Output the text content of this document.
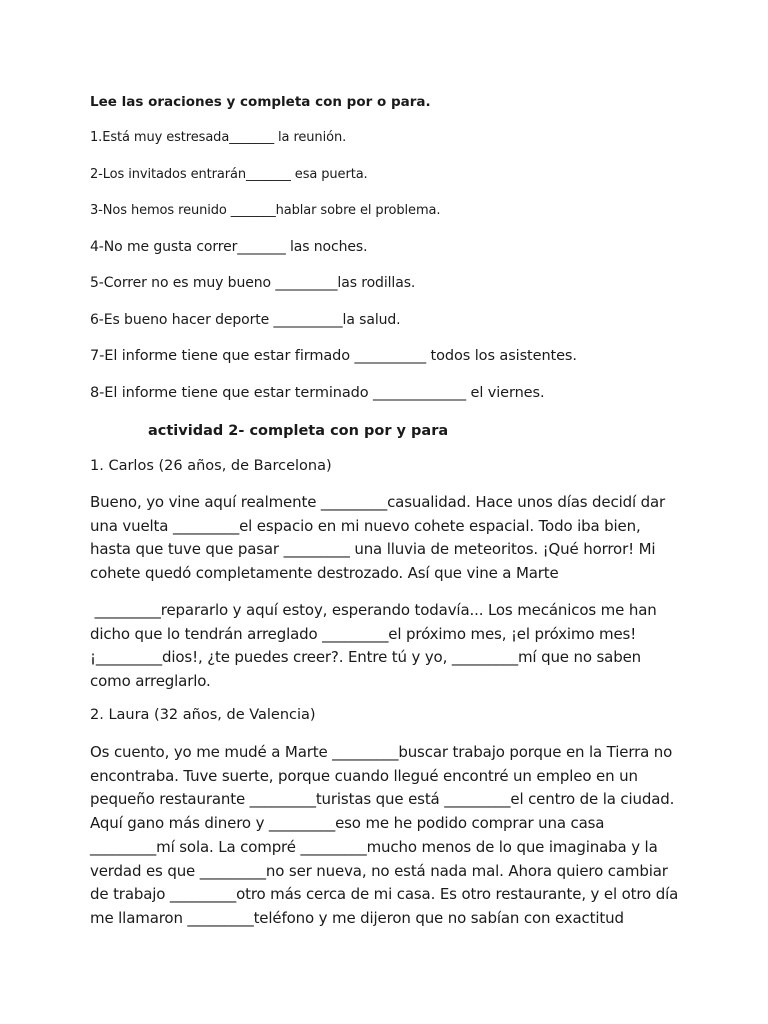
Lee las oraciones y completa con por o para.
1.Está muy estresada_______ la reunión.
2-Los invitados entrarán_______ esa puerta.
3-Nos hemos reunido _______hablar sobre el problema.
4-No me gusta correr_______ las noches.
5-Correr no es muy bueno _________las rodillas.
6-Es bueno hacer deporte __________la salud.
7-El informe tiene que estar firmado __________ todos los asistentes.
8-El informe tiene que estar terminado _____________ el viernes.
actividad 2- completa con por y para
1. Carlos (26 años, de Barcelona)
Bueno, yo vine aquí realmente _________casualidad. Hace unos días decidí dar
una vuelta _________el espacio en mi nuevo cohete espacial. Todo iba bien,
hasta que tuve que pasar _________ una lluvia de meteoritos. ¡Qué horror! Mi
cohete quedó completamente destrozado. Así que vine a Marte
_________repararlo y aquí estoy, esperando todavía... Los mecánicos me han
dicho que lo tendrán arreglado _________el próximo mes, ¡el próximo mes!
¡_________dios!, ¿te puedes creer?. Entre tú y yo, _________mí que no saben
como arreglarlo.
2. Laura (32 años, de Valencia)
Os cuento, yo me mudé a Marte _________buscar trabajo porque en la Tierra no
encontraba. Tuve suerte, porque cuando llegué encontré un empleo en un
pequeño restaurante _________turistas que está _________el centro de la ciudad.
Aquí gano más dinero y _________eso me he podido comprar una casa
_________mí sola. La compré _________mucho menos de lo que imaginaba y la
verdad es que _________no ser nueva, no está nada mal. Ahora quiero cambiar
de trabajo _________otro más cerca de mi casa. Es otro restaurante, y el otro día
me llamaron _________teléfono y me dijeron que no sabían con exactitud
